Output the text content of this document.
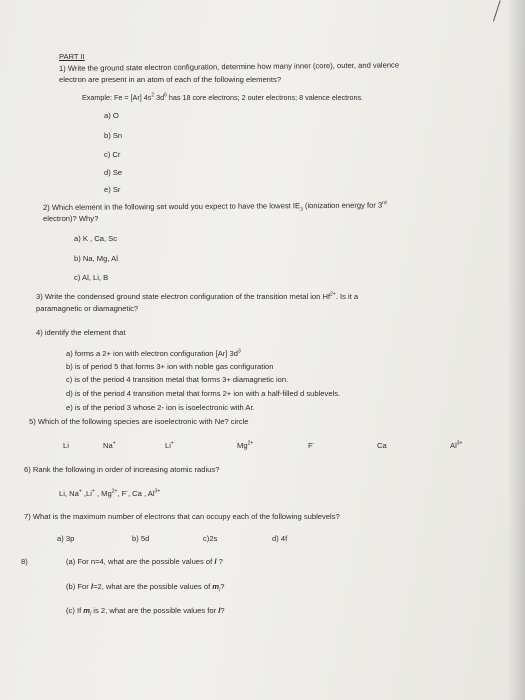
PART II
1) Write the ground state electron configuration, determine how many inner (core), outer, and valence
electron are present in an atom of each of the following elements?
Example: Fe = [Ar] $4s^2$ $3d^6$ has 18 core electrons; 2 outer electrons; 8 valence electrons.
a) O
b) Sn
c) Cr
d) Se
e) Sr
2) Which element in the following set would you expect to have the lowest $IE_3$ (ionization energy for 3rd
electron)? Why?
a) K , Ca, Sc
b) Na, Mg, Al
c) Al, Li, B
3) Write the condensed ground state electron configuration of the transition metal ion $Hf^{2+}$. Is it a
paramagnetic or diamagnetic?
4) identify the element that
a) forms a 2+ ion with electron configuration [Ar] $3d^3$
b) is of period 5 that forms 3+ ion with noble gas configuration
c) is of the period 4 transition metal that forms 3+ diamagnetic ion.
d) is of the period 4 transition metal that forms 2+ ion with a half-filled d sublevels.
e) is of the period 3 whose 2- ion is isoelectronic with Ar.
5) Which of the following species are isoelectronic with Ne? circle
Li	Na+	Li+	$Mg^{2+}$	F-	Ca	$Al^{3+}$
6) Rank the following in order of increasing atomic radius?
Li, Na+ ,Li+ , $Mg^{2+}$, F-, Ca , $Al^{3+}$
7) What is the maximum number of electrons that can occupy each of the following sublevels?
a) 3p	b) 5d	c)2s	d) 4f
8)	(a) For n=4, what are the possible values of l ?
(b) For l=2, what are the possible values of $m_l$?
(c) If $m_l$ is 2, what are the possible values for l?
